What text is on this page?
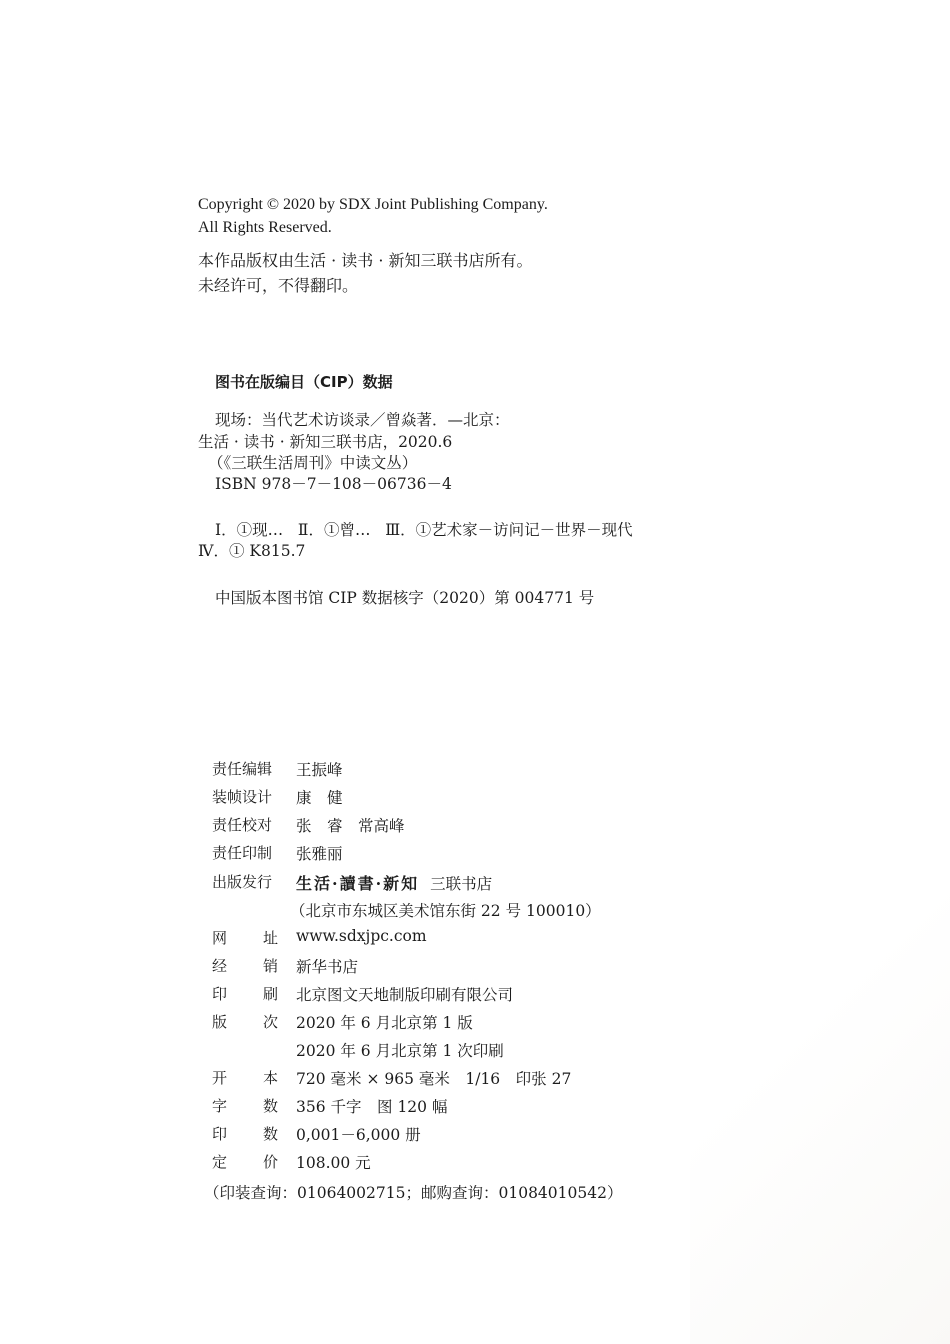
Copyright © 2020 by SDX Joint Publishing Company.
All Rights Reserved.
本作品版权由生活 · 读书 · 新知三联书店所有。
未经许可，不得翻印。
图书在版编目（CIP）数据
现场：当代艺术访谈录／曾焱著．—北京：
生活 · 读书 · 新知三联书店，2020.6
（《三联生活周刊》中读文丛）
ISBN 978－7－108－06736－4
Ⅰ．①现…   Ⅱ．①曾…   Ⅲ．①艺术家－访问记－世界－现代
Ⅳ．① K815.7
中国版本图书馆 CIP 数据核字（2020）第 004771 号
责任编辑	王振峰
装帧设计	康　健
责任校对	张　睿　常高峰
责任印制	张雅丽
出版发行	生活·讀書·新知 三联书店
（北京市东城区美术馆东街 22 号 100010）
网 址 www.sdxjpc.com
经 销 新华书店
印 刷 北京图文天地制版印刷有限公司
版 次 2020 年 6 月北京第 1 版
2020 年 6 月北京第 1 次印刷
开 本 720 毫米 × 965 毫米　1/16　印张 27
字 数 356 千字　图 120 幅
印 数 0,001－6,000 册
定 价 108.00 元
（印装查询：01064002715；邮购查询：01084010542）
